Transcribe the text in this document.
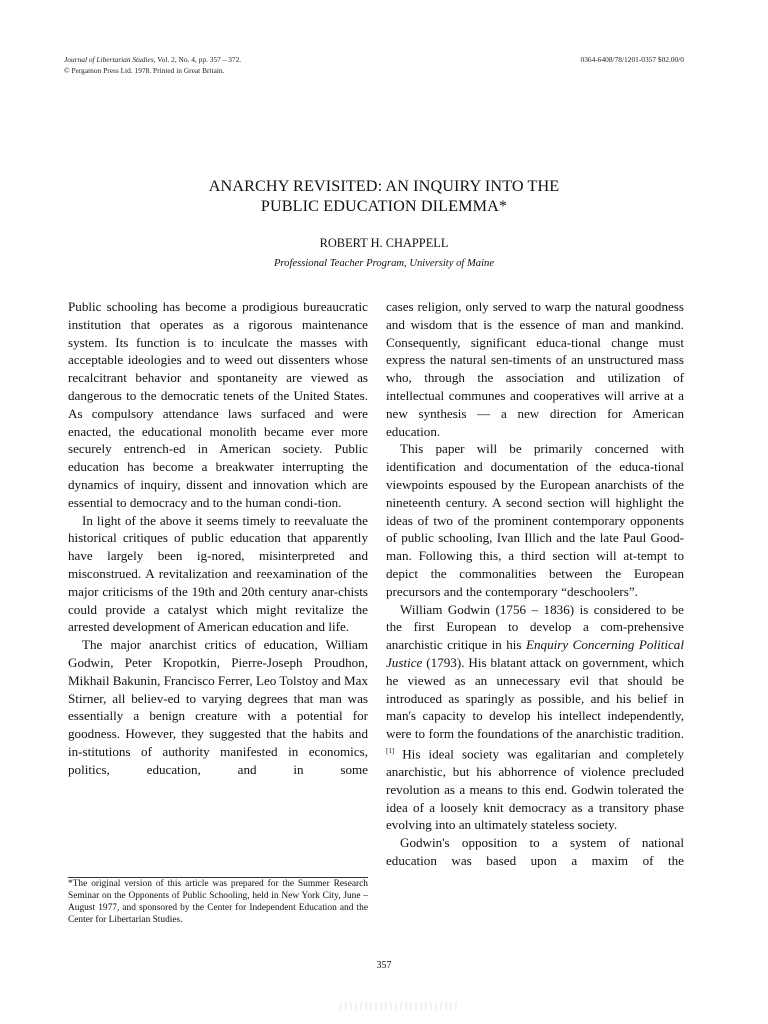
Journal of Libertarian Studies, Vol. 2, No. 4, pp. 357 – 372.
© Pergamon Press Ltd. 1978. Printed in Great Britain.
0364-6408/78/1201-0357 $02.00/0
ANARCHY REVISITED: AN INQUIRY INTO THE
PUBLIC EDUCATION DILEMMA*
ROBERT H. CHAPPELL
Professional Teacher Program, University of Maine

Public schooling has become a prodigious bureaucratic institution that operates as a rigorous maintenance system. Its function is to inculcate the masses with acceptable ideologies and to weed out dissenters whose recalcitrant behavior and spontaneity are viewed as dangerous to the democratic tenets of the United States. As compulsory attendance laws surfaced and were enacted, the educational monolith became ever more securely entrench-ed in American society. Public education has become a breakwater interrupting the dynamics of inquiry, dissent and innovation which are essential to democracy and to the human condi-tion.

In light of the above it seems timely to reevaluate the historical critiques of public education that apparently have largely been ig-nored, misinterpreted and misconstrued. A revitalization and reexamination of the major criticisms of the 19th and 20th century anar-chists could provide a catalyst which might revitalize the arrested development of American education and life.

The major anarchist critics of education, William Godwin, Peter Kropotkin, Pierre-Joseph Proudhon, Mikhail Bakunin, Francisco Ferrer, Leo Tolstoy and Max Stirner, all believ-ed to varying degrees that man was essentially a benign creature with a potential for goodness. However, they suggested that the habits and in-stitutions of authority manifested in economics, politics, education, and in some

*The original version of this article was prepared for the Summer Research Seminar on the Opponents of Public Schooling, held in New York City, June – August 1977, and sponsored by the Center for Independent Education and the Center for Libertarian Studies.

cases religion, only served to warp the natural goodness and wisdom that is the essence of man and mankind. Consequently, significant educa-tional change must express the natural sen-timents of an unstructured mass who, through the association and utilization of intellectual communes and cooperatives will arrive at a new synthesis — a new direction for American education.

This paper will be primarily concerned with identification and documentation of the educa-tional viewpoints espoused by the European anarchists of the nineteenth century. A second section will highlight the ideas of two of the prominent contemporary opponents of public schooling, Ivan Illich and the late Paul Good-man. Following this, a third section will at-tempt to depict the commonalities between the European precursors and the contemporary “deschoolers”.

William Godwin (1756 – 1836) is considered to be the first European to develop a com-prehensive anarchistic critique in his Enquiry Concerning Political Justice (1793). His blatant attack on government, which he viewed as an unnecessary evil that should be introduced as sparingly as possible, and his belief in man's capacity to develop his intellect independently, were to form the foundations of the anarchistic tradition.[1] His ideal society was egalitarian and completely anarchistic, but his abhorrence of violence precluded revolution as a means to this end. Godwin tolerated the idea of a loosely knit democracy as a transitory phase evolving into an ultimately stateless society.

Godwin's opposition to a system of national education was based upon a maxim of the

357
